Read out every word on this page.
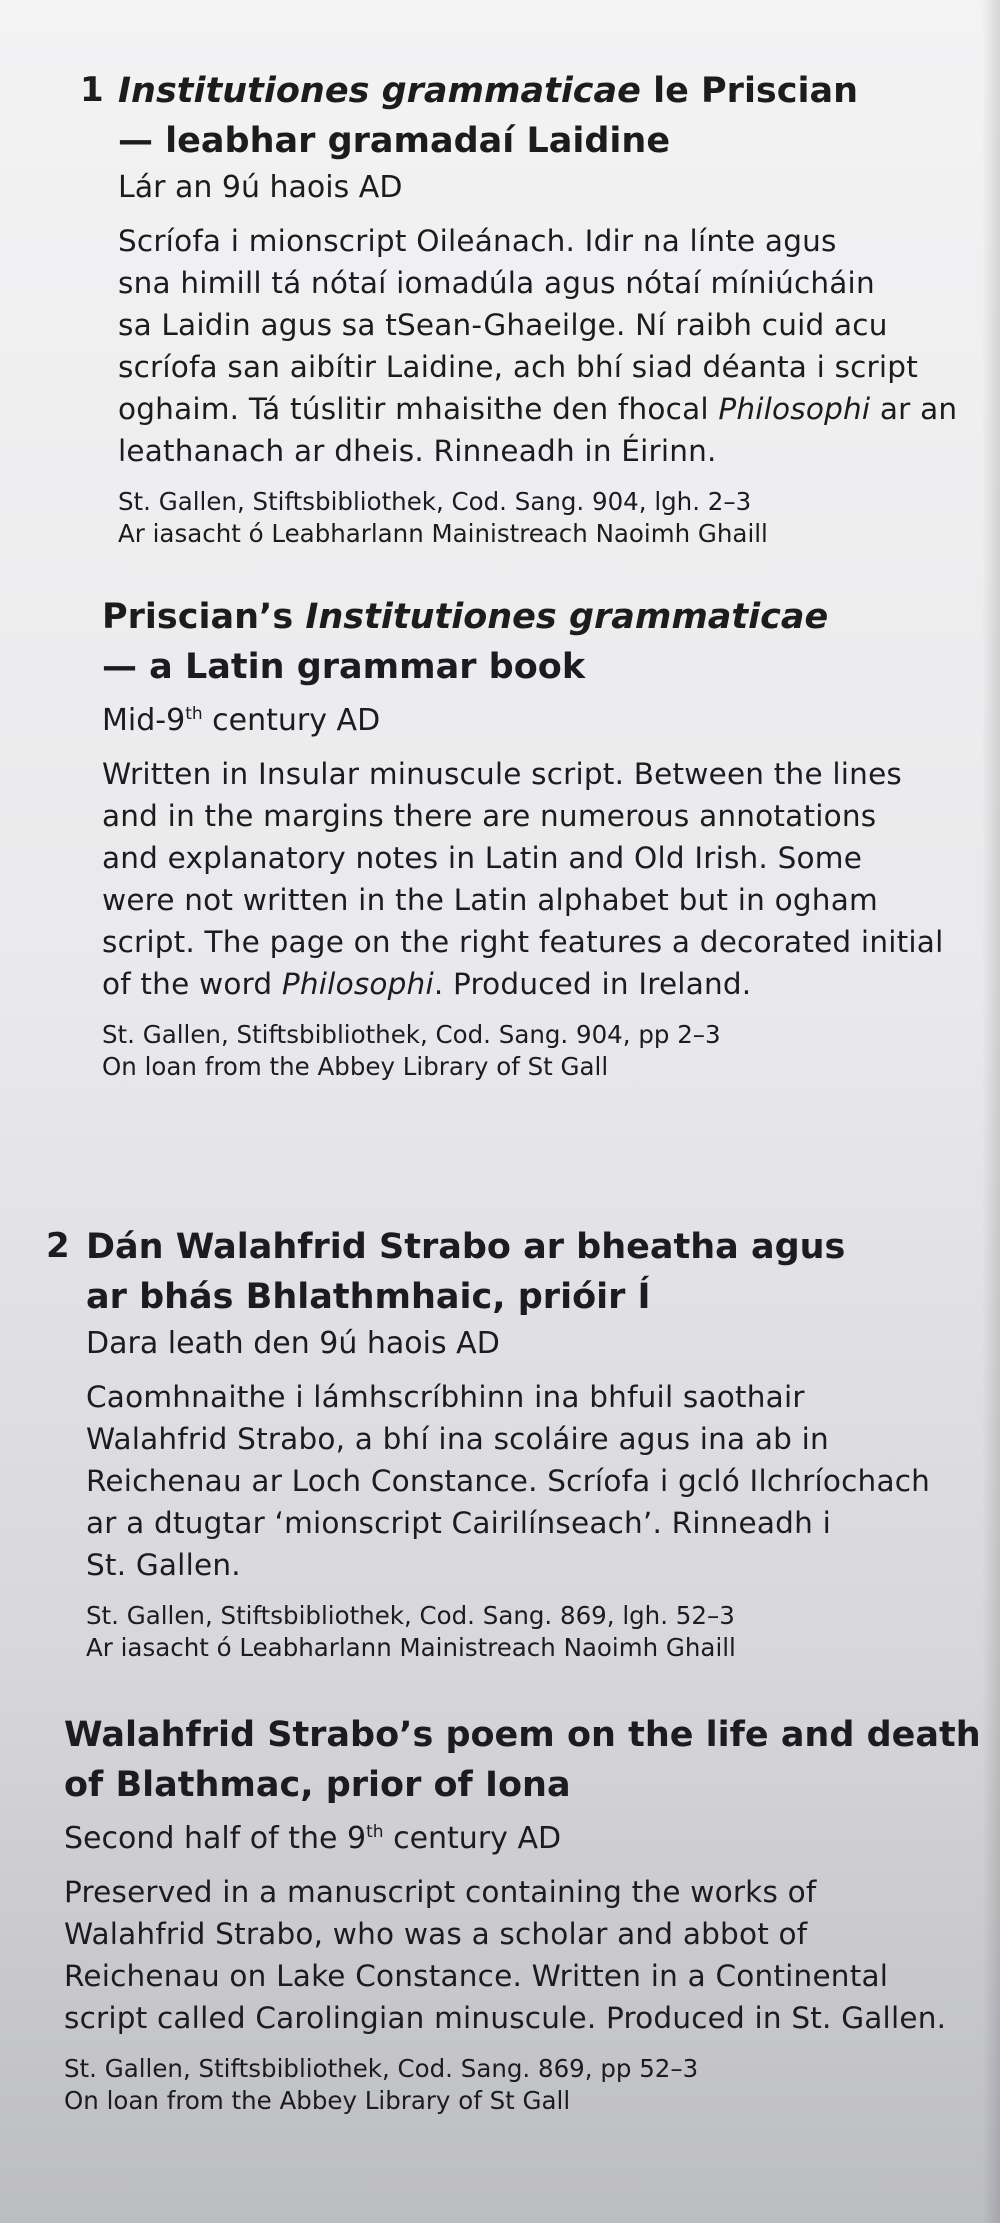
1 Institutiones grammaticae le Priscian

— leabhar gramadaí Laidine

Lár an 9ú haois AD

Scríofa i mionscript Oileánach. Idir na línte agus
sna himill tá nótaí iomadúla agus nótaí míniúcháin
sa Laidin agus sa tSean-Ghaeilge. Ní raibh cuid acu
scríofa san aibítir Laidine, ach bhí siad déanta i script
oghaim. Tá túslitir mhaisithe den fhocal Philosophi ar an
leathanach ar dheis. Rinneadh in Éirinn.

St. Gallen, Stiftsbibliothek, Cod. Sang. 904, lgh. 2–3

Ar iasacht ó Leabharlann Mainistreach Naoimh Ghaill

Priscian’s Institutiones grammaticae

— a Latin grammar book

Mid-9th century AD

Written in Insular minuscule script. Between the lines
and in the margins there are numerous annotations
and explanatory notes in Latin and Old Irish. Some
were not written in the Latin alphabet but in ogham
script. The page on the right features a decorated initial
of the word Philosophi. Produced in Ireland.

St. Gallen, Stiftsbibliothek, Cod. Sang. 904, pp 2–3

On loan from the Abbey Library of St Gall

2 Dán Walahfrid Strabo ar bheatha agus

ar bhás Bhlathmhaic, prióir Í

Dara leath den 9ú haois AD

Caomhnaithe i lámhscríbhinn ina bhfuil saothair
Walahfrid Strabo, a bhí ina scoláire agus ina ab in
Reichenau ar Loch Constance. Scríofa i gcló Ilchríochach
ar a dtugtar ‘mionscript Cairilínseach’. Rinneadh i
St. Gallen.

St. Gallen, Stiftsbibliothek, Cod. Sang. 869, lgh. 52–3

Ar iasacht ó Leabharlann Mainistreach Naoimh Ghaill

Walahfrid Strabo’s poem on the life and death

of Blathmac, prior of Iona

Second half of the 9th century AD

Preserved in a manuscript containing the works of
Walahfrid Strabo, who was a scholar and abbot of
Reichenau on Lake Constance. Written in a Continental
script called Carolingian minuscule. Produced in St. Gallen.

St. Gallen, Stiftsbibliothek, Cod. Sang. 869, pp 52–3

On loan from the Abbey Library of St Gall
